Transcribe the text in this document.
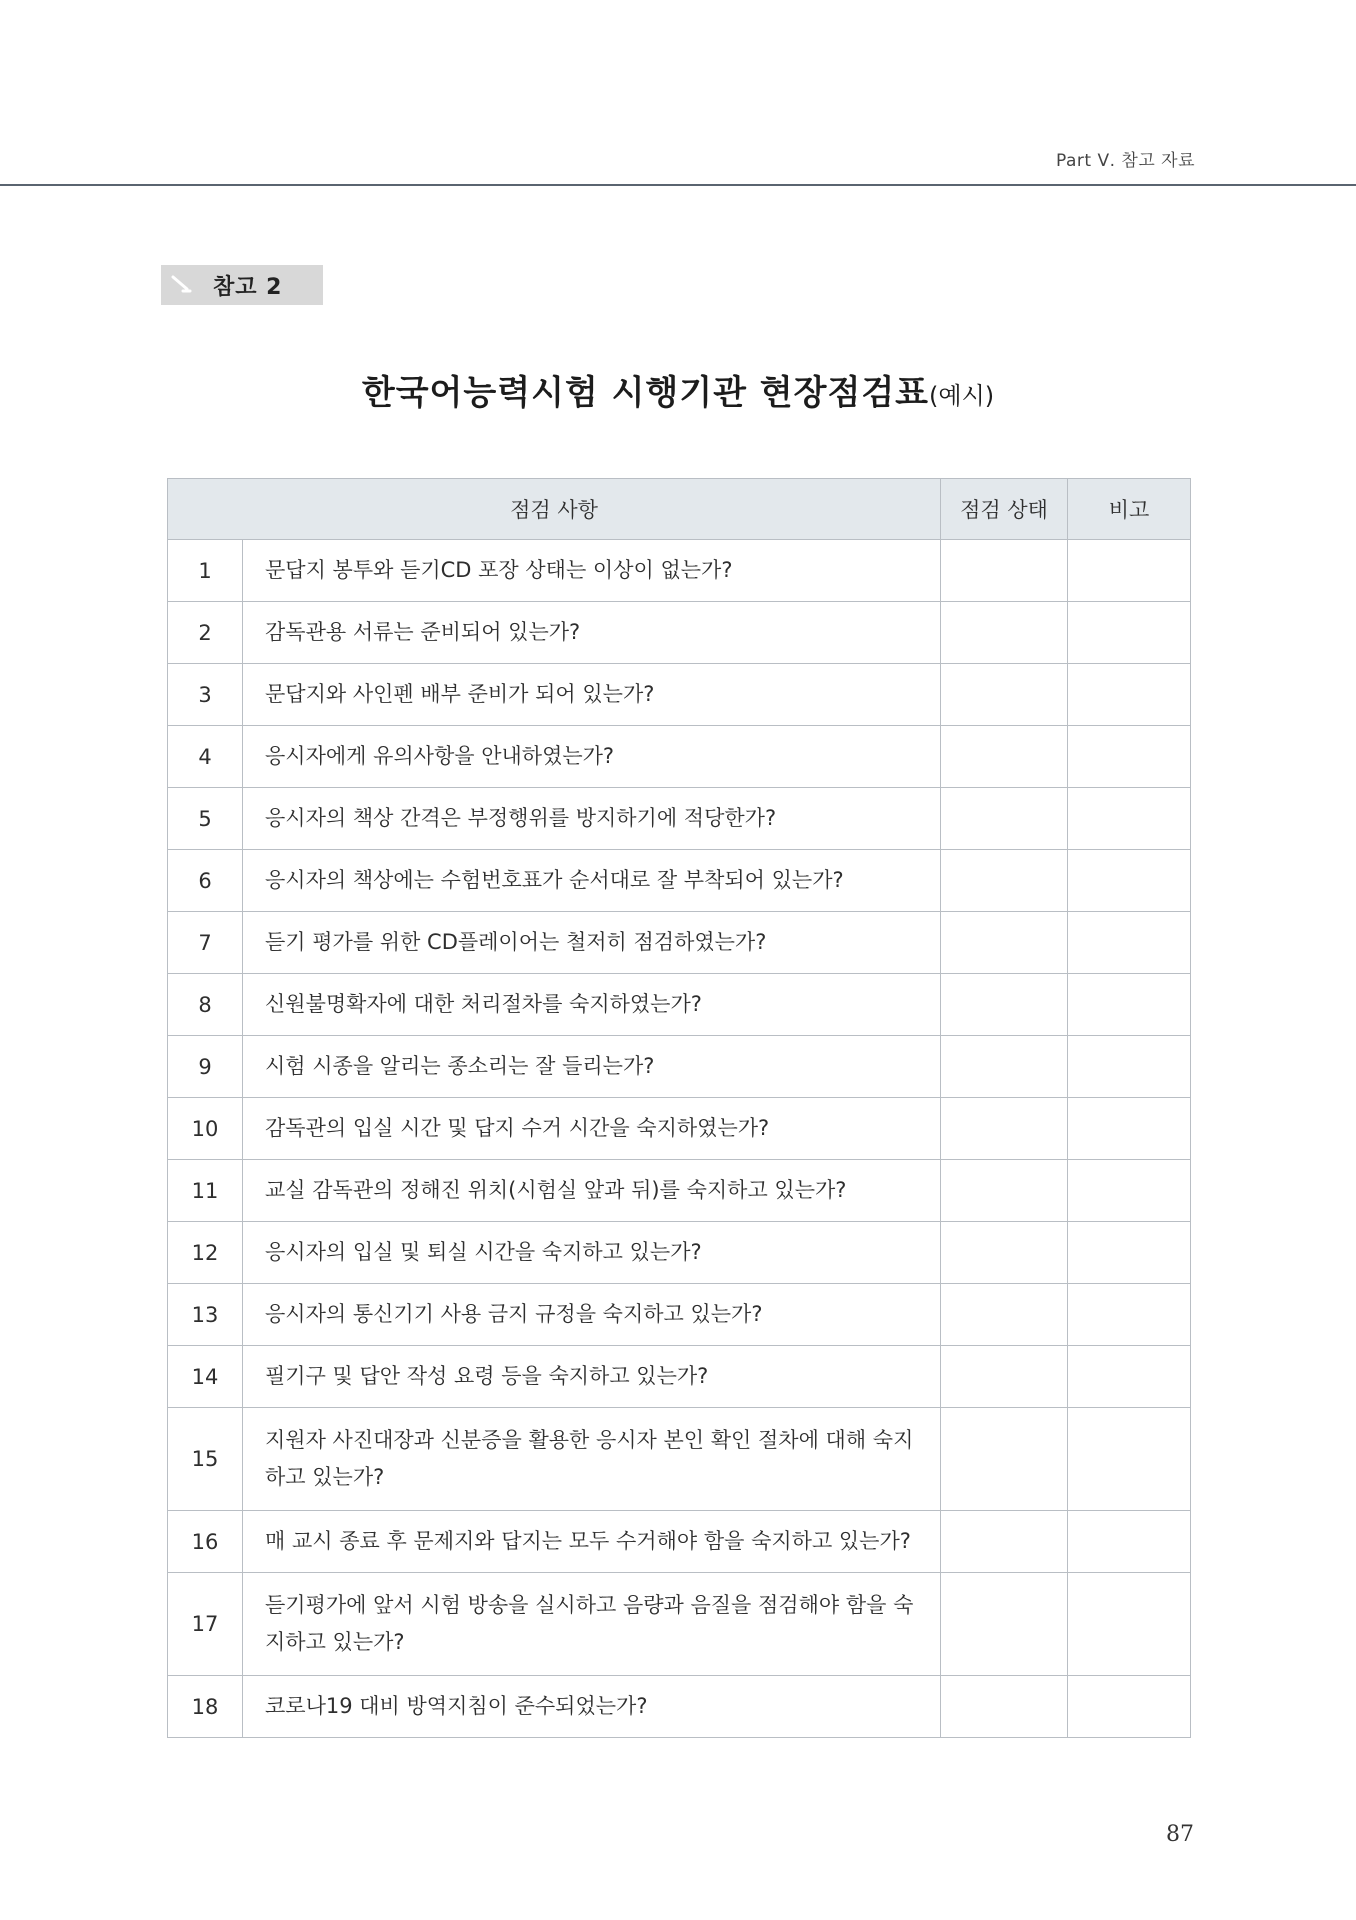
Part Ⅴ. 참고 자료
참고 2
한국어능력시험 시행기관 현장점검표(예시)
점검 사항		점검 상태	비고
1	문답지 봉투와 듣기CD 포장 상태는 이상이 없는가?		
2	감독관용 서류는 준비되어 있는가?		
3	문답지와 사인펜 배부 준비가 되어 있는가?		
4	응시자에게 유의사항을 안내하였는가?		
5	응시자의 책상 간격은 부정행위를 방지하기에 적당한가?		
6	응시자의 책상에는 수험번호표가 순서대로 잘 부착되어 있는가?		
7	듣기 평가를 위한 CD플레이어는 철저히 점검하였는가?		
8	신원불명확자에 대한 처리절차를 숙지하였는가?		
9	시험 시종을 알리는 종소리는 잘 들리는가?		
10	감독관의 입실 시간 및 답지 수거 시간을 숙지하였는가?		
11	교실 감독관의 정해진 위치(시험실 앞과 뒤)를 숙지하고 있는가?		
12	응시자의 입실 및 퇴실 시간을 숙지하고 있는가?		
13	응시자의 통신기기 사용 금지 규정을 숙지하고 있는가?		
14	필기구 및 답안 작성 요령 등을 숙지하고 있는가?		
15	지원자 사진대장과 신분증을 활용한 응시자 본인 확인 절차에 대해 숙지하고 있는가?		
16	매 교시 종료 후 문제지와 답지는 모두 수거해야 함을 숙지하고 있는가?		
17	듣기평가에 앞서 시험 방송을 실시하고 음량과 음질을 점검해야 함을 숙지하고 있는가?		
18	코로나19 대비 방역지침이 준수되었는가?		
87
